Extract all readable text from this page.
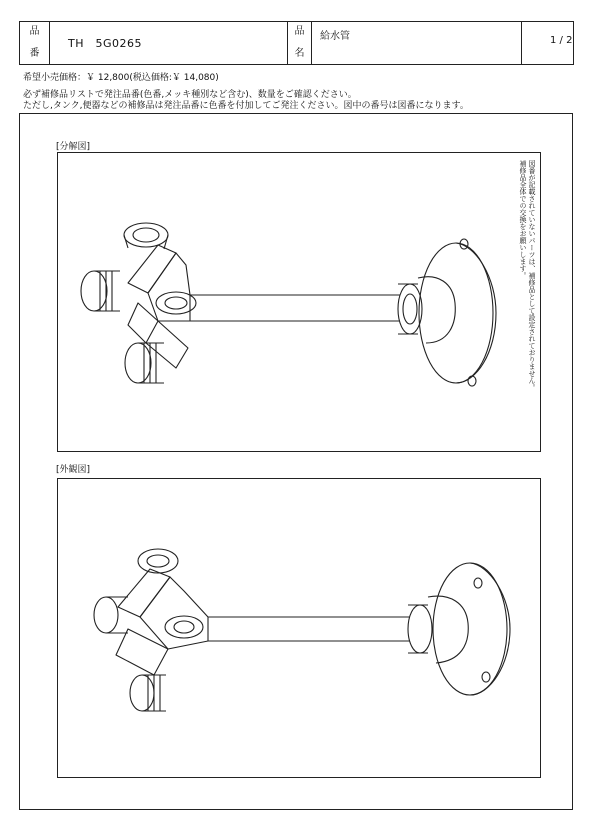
品
番
TH　5G0265
品
名
給水管	1 / 2
希望小売価格：￥ 12,800(税込価格:￥ 14,080)
必ず補修品リストで発注品番(色番,メッキ種別など含む)、数量をご確認ください。
ただし,タンク,便器などの補修品は発注品番に色番を付加してご発注ください。図中の番号は図番になります。
[分解図]
[外観図]
図番が記載されていないパーツは、補修品として設定されておりません。
補修品全体での交換をお願いします。
